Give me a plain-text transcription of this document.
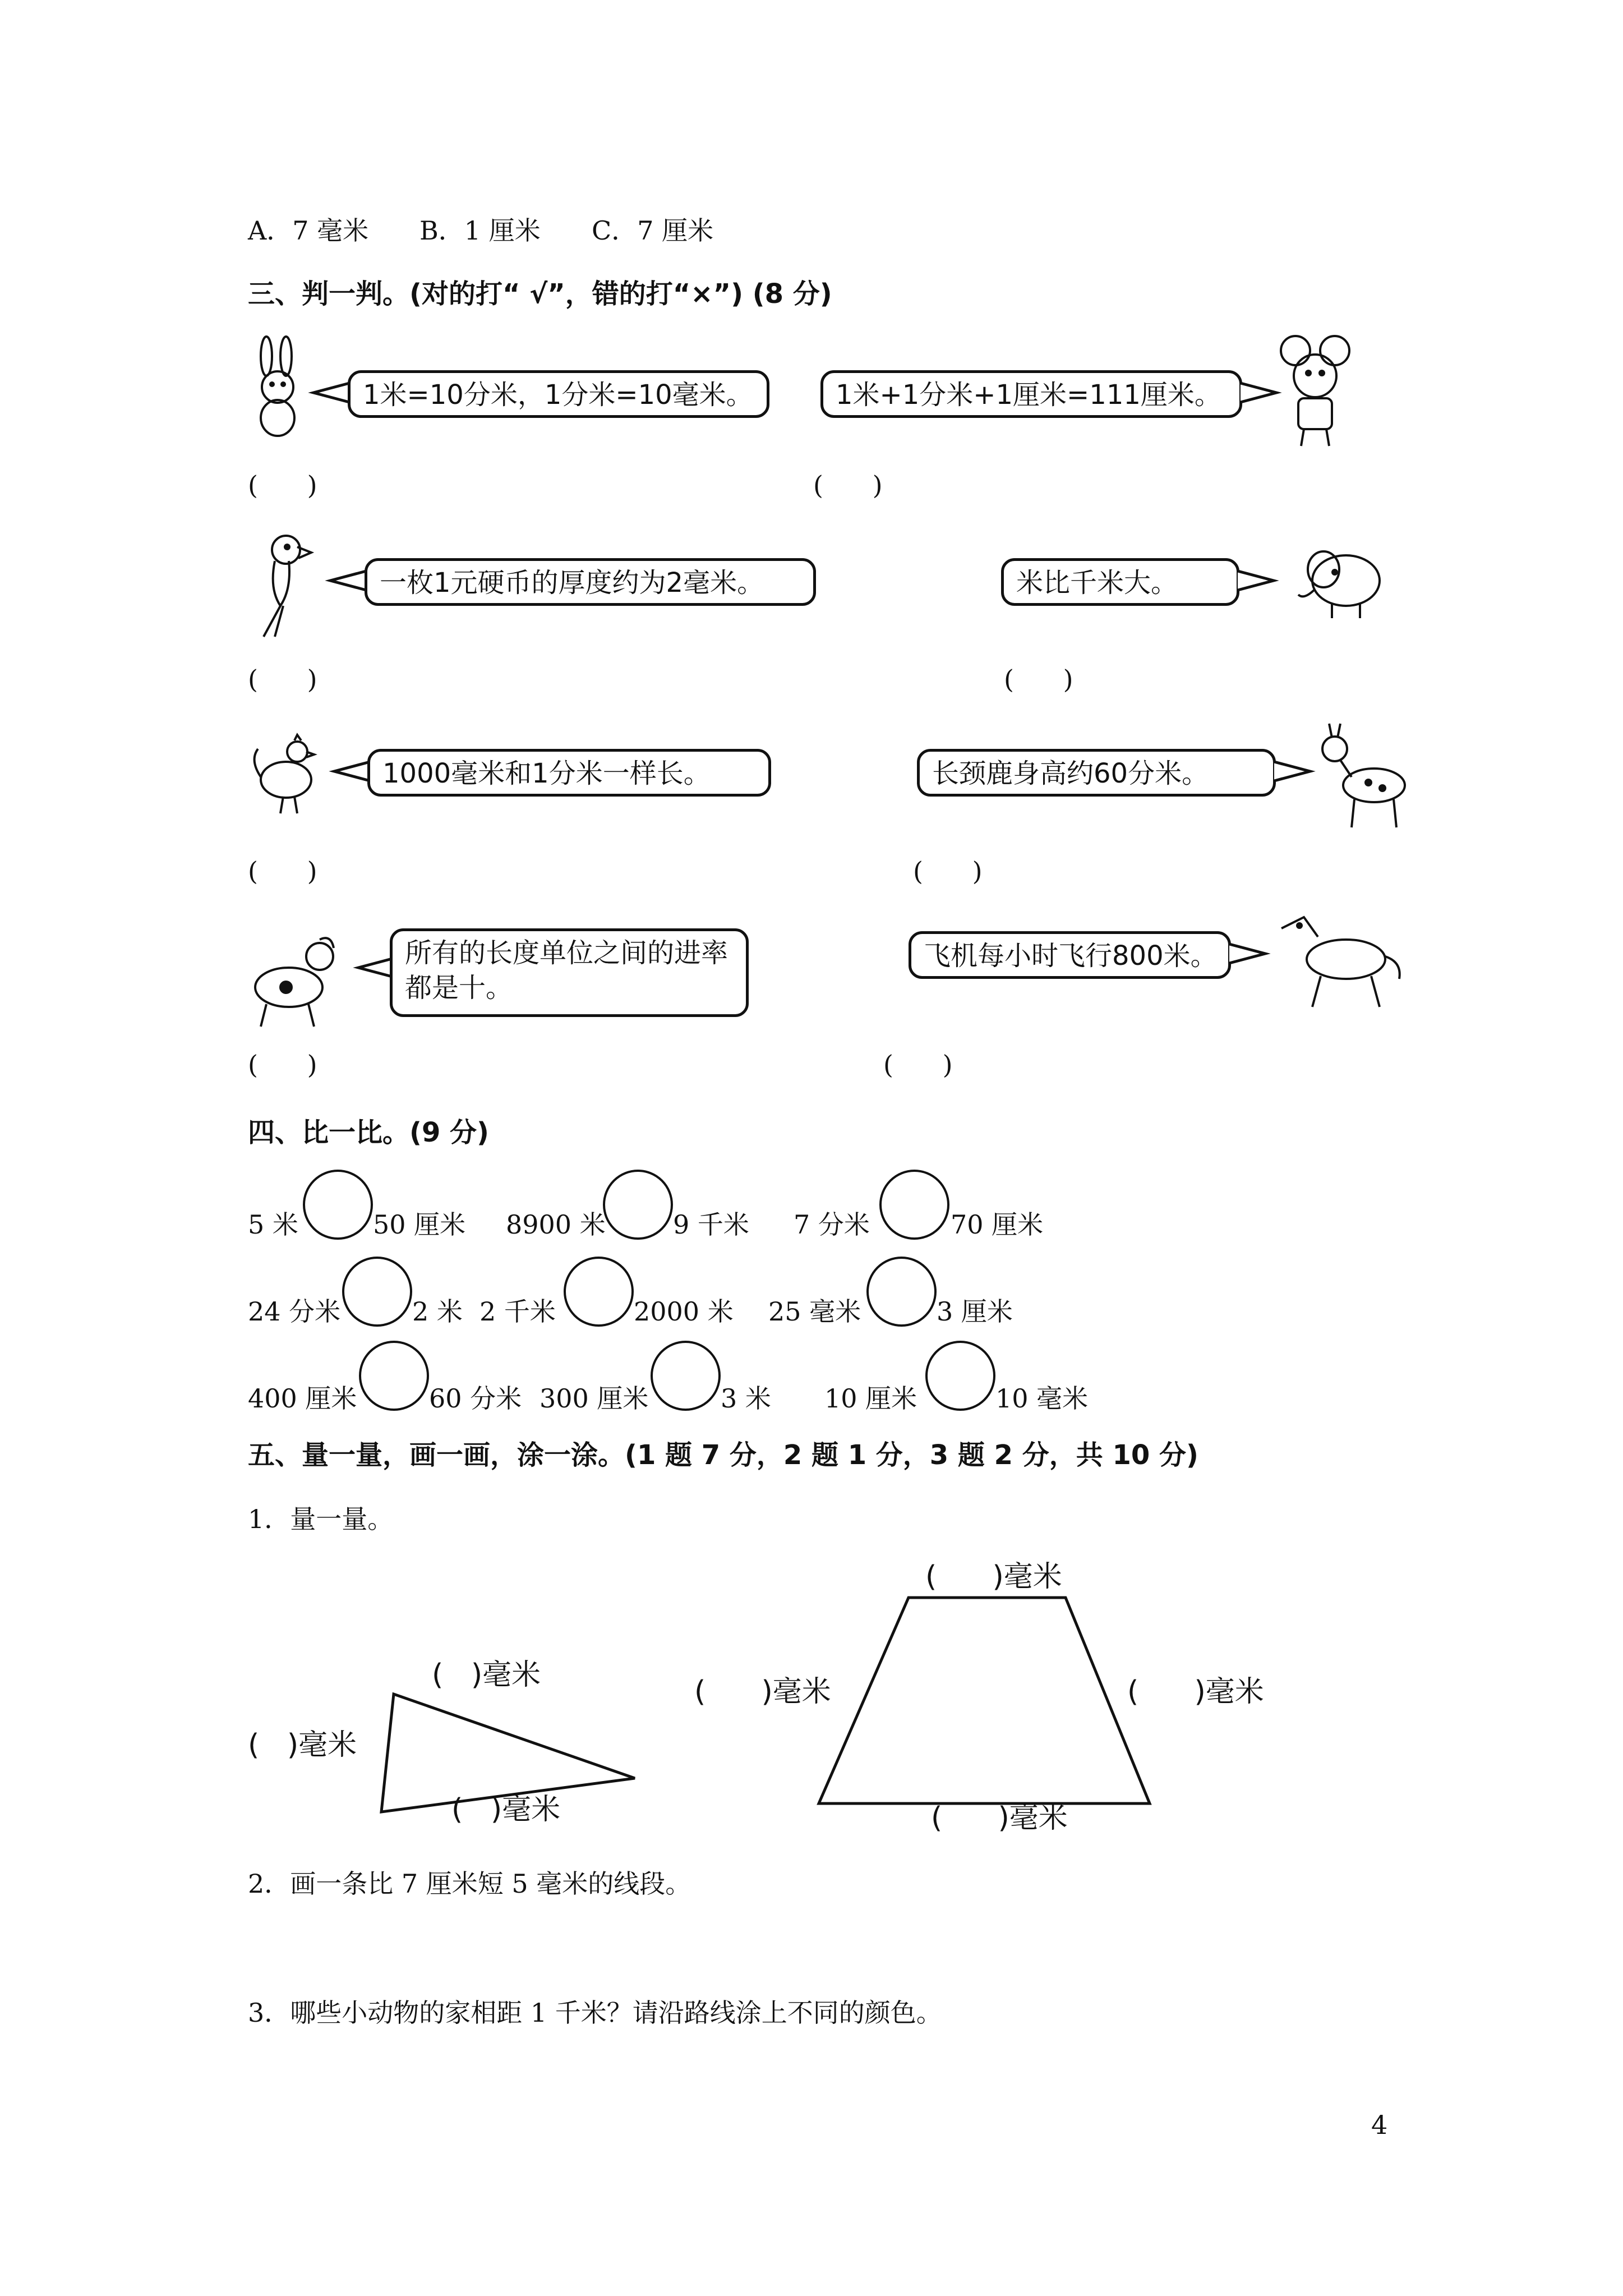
A．7 毫米 B．1 厘米 C．7 厘米
三、判一判。(对的打“ √”，错的打“×”) (8 分)
1米=10分米，1分米=10毫米。	1米+1分米+1厘米=111厘米。
(      )	(      )
一枚1元硬币的厚度约为2毫米。	米比千米大。
(      )	(      )
1000毫米和1分米一样长。	长颈鹿身高约60分米。
(      )	(      )
所有的长度单位之间的进率都是十。
飞机每小时飞行800米。
(      )	(      )
四、比一比。(9 分)
5 米	50 厘米 8900 米	9 千米 7 分米	70 厘米
24 分米	2 米 2 千米	2000 米 25 毫米	3 厘米
400 厘米	60 分米 300 厘米	3 米 10 厘米	10 毫米
五、量一量，画一画，涂一涂。(1 题 7 分，2 题 1 分，3 题 2 分，共 10 分)
1．量一量。
(   )毫米
(   )毫米
(   )毫米
(      )毫米
(      )毫米	(      )毫米
(      )毫米
2．画一条比 7 厘米短 5 毫米的线段。
3．哪些小动物的家相距 1 千米？请沿路线涂上不同的颜色。
4
